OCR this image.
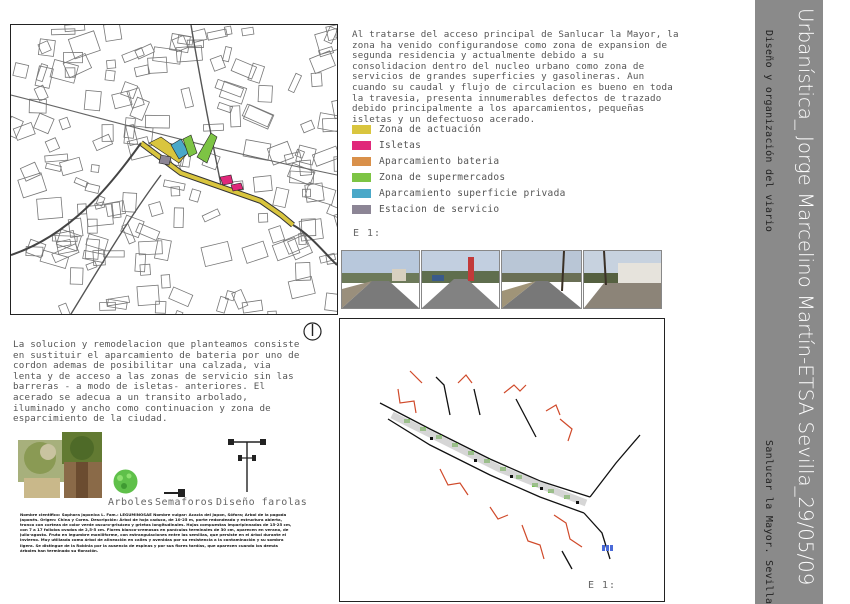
Al tratarse del acceso principal de Sanlucar la Mayor, la zona ha venido configurandose como zona de expansion de segunda residencia y actualmente debido a su consolidacion dentro del nucleo urbano como zona de servicios de grandes superficies y gasolineras. Aun cuando su caudal y flujo de circulacion es bueno en toda la travesia, presenta innumerables defectos de trazado debido principalmente a los aparcamientos, pequeñas isletas y un defectuoso acerado.
Zona de actuación
Isletas
Aparcamiento bateria
Zona de supermercados
Aparcamiento superficie privada
Estacion de servicio
E 1:
La solucion y remodelacion que planteamos consiste en sustituir el aparcamiento de bateria por uno de cordon ademas de posibilitar una calzada, via lenta y de acceso a las zonas de servicio sin las barreras - a modo de isletas- anteriores. El acerado se adecua a un transito arbolado, iluminado y ancho como continuacion y zona de esparcimiento de la ciudad.
Arboles Semaforos Diseño farolas
Nombre cientifico: Sophora japonica L. Fam.: LEGUMINOSAE Nombre vulgar: Acacia del Japon, Sófora; Arbol de la pagoda Japonés. Origen: China y Corea. Descripción: Árbol de hoja caduca, de 10-25 m, porte redondeado y estructura abierta, tronco con corteza de color verde oscuro-grisáceo y grietas longitudinales. Hojas compuestas imparipinnadas de 15-25 cm, con 7 a 17 foliolos ovados de 2,5-5 cm. Flores blanco-cremosas en panículas terminales de 30 cm, aparecen en verano, de julio-agosto. Fruto en legumbre moniliforme, con estrangulaciones entre las semillas, que persiste en el árbol durante el invierno. Muy utilizada como árbol de alineación en calles y avenidas por su resistencia a la contaminación y su sombra ligera. Se distingue de la Robinia por la ausencia de espinas y por sus flores tardías, que aparecen cuando los demás árboles han terminado su floración.
E 1:
Urbanística_ Jorge Marcelino Martín-ETSA Sevilla_29/05/09
Diseño y organización del viario
Sanlucar la Mayor. Sevilla
